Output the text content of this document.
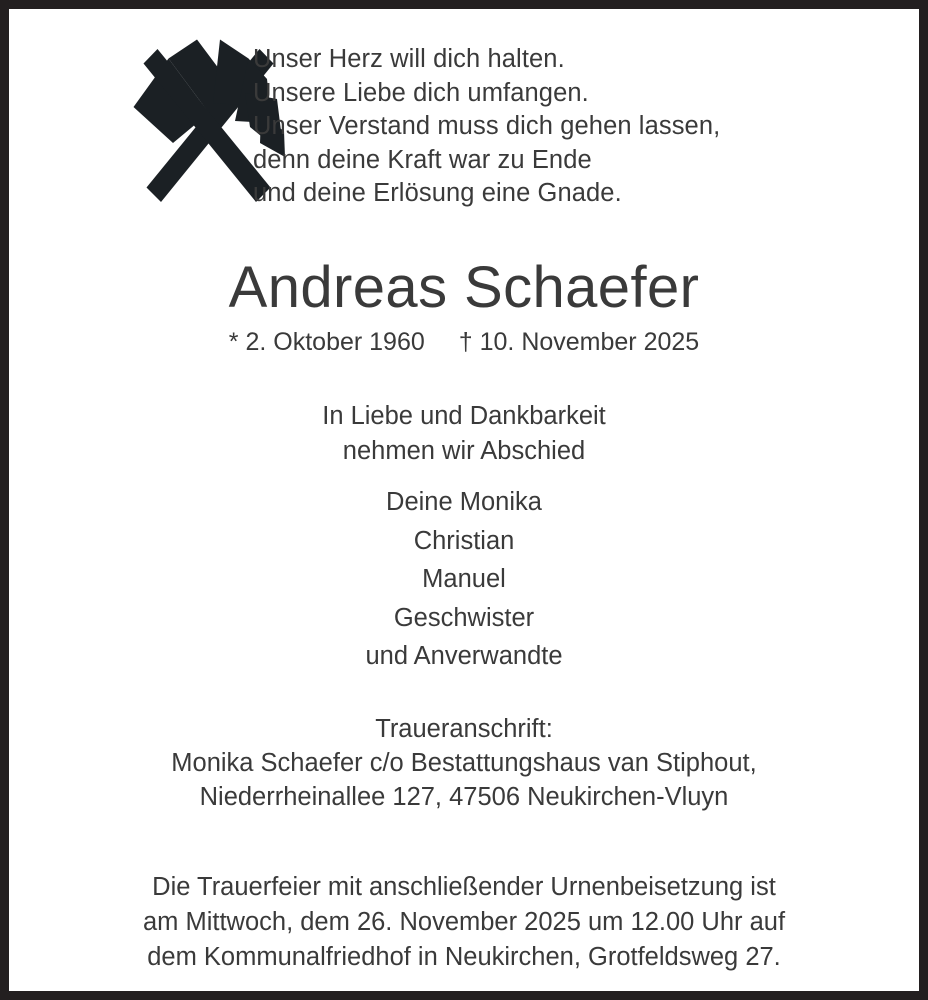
Unser Herz will dich halten.
Unsere Liebe dich umfangen.
Unser Verstand muss dich gehen lassen,
denn deine Kraft war zu Ende
und deine Erlösung eine Gnade.
Andreas Schaefer
* 2. Oktober 1960 † 10. November 2025
In Liebe und Dankbarkeit
nehmen wir Abschied
Deine Monika
Christian
Manuel
Geschwister
und Anverwandte
Traueranschrift:
Monika Schaefer c/o Bestattungshaus van Stiphout,
Niederrheinallee 127, 47506 Neukirchen-Vluyn
Die Trauerfeier mit anschließender Urnenbeisetzung ist
am Mittwoch, dem 26. November 2025 um 12.00 Uhr auf
dem Kommunalfriedhof in Neukirchen, Grotfeldsweg 27.
